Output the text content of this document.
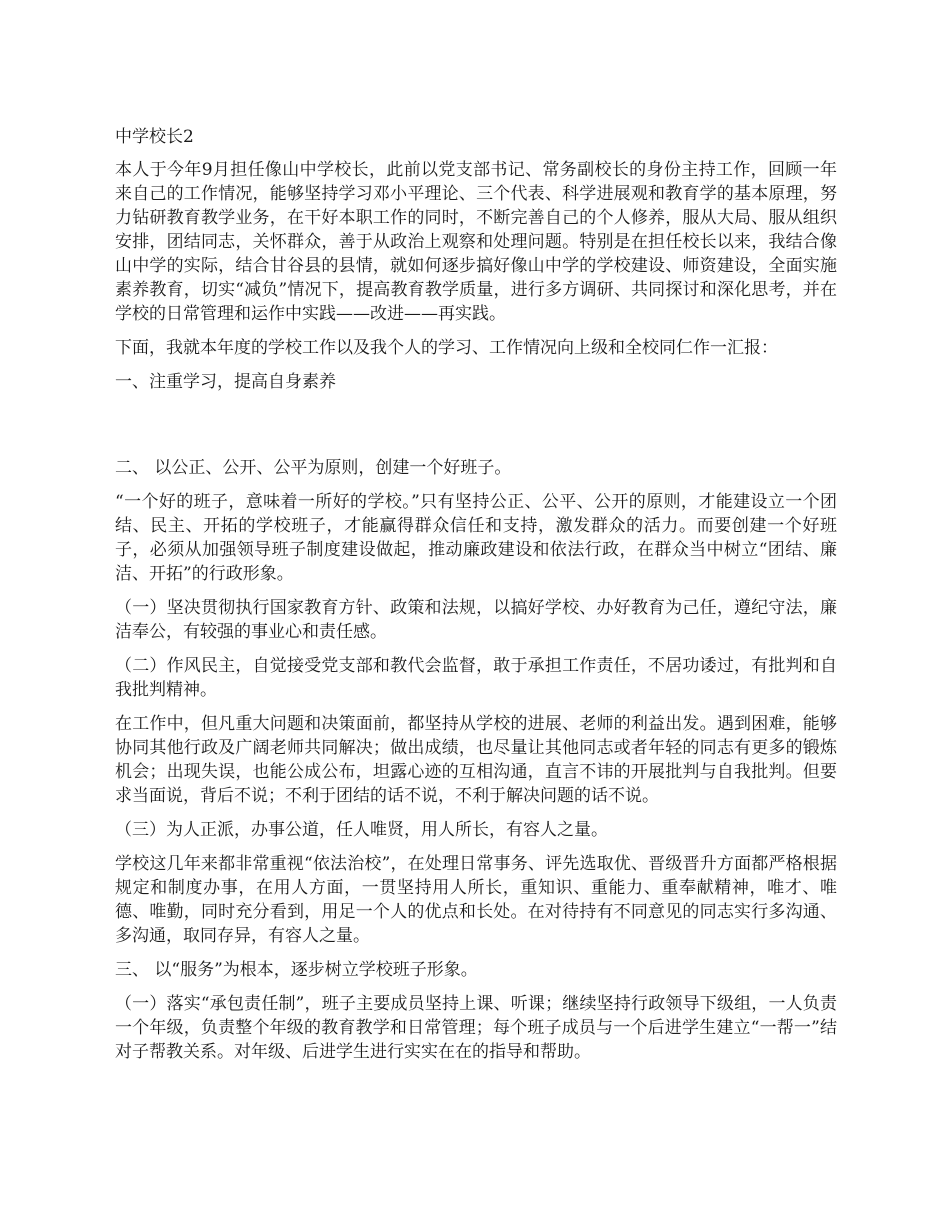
中学校长2

本人于今年9月担任像山中学校长，此前以党支部书记、常务副校长的身份主持工作，回顾一年来自己的工作情况，能够坚持学习邓小平理论、三个代表、科学进展观和教育学的基本原理，努力钻研教育教学业务，在干好本职工作的同时，不断完善自己的个人修养，服从大局、服从组织安排，团结同志，关怀群众，善于从政治上观察和处理问题。特别是在担任校长以来，我结合像山中学的实际，结合甘谷县的县情，就如何逐步搞好像山中学的学校建设、师资建设，全面实施素养教育，切实“减负”情况下，提高教育教学质量，进行多方调研、共同探讨和深化思考，并在学校的日常管理和运作中实践——改进——再实践。

下面，我就本年度的学校工作以及我个人的学习、工作情况向上级和全校同仁作一汇报：

一、注重学习，提高自身素养

二、 以公正、公开、公平为原则，创建一个好班子。

“一个好的班子，意味着一所好的学校。”只有坚持公正、公平、公开的原则，才能建设立一个团结、民主、开拓的学校班子，才能赢得群众信任和支持，激发群众的活力。而要创建一个好班子，必须从加强领导班子制度建设做起，推动廉政建设和依法行政，在群众当中树立“团结、廉洁、开拓”的行政形象。

（一）坚决贯彻执行国家教育方针、政策和法规，以搞好学校、办好教育为己任，遵纪守法，廉洁奉公，有较强的事业心和责任感。

（二）作风民主，自觉接受党支部和教代会监督，敢于承担工作责任，不居功诿过，有批判和自我批判精神。

在工作中，但凡重大问题和决策面前，都坚持从学校的进展、老师的利益出发。遇到困难，能够协同其他行政及广阔老师共同解决；做出成绩，也尽量让其他同志或者年轻的同志有更多的锻炼机会；出现失误，也能公成公布，坦露心迹的互相沟通，直言不讳的开展批判与自我批判。但要求当面说，背后不说；不利于团结的话不说，不利于解决问题的话不说。

（三）为人正派，办事公道，任人唯贤，用人所长，有容人之量。

学校这几年来都非常重视“依法治校”，在处理日常事务、评先选取优、晋级晋升方面都严格根据规定和制度办事，在用人方面，一贯坚持用人所长，重知识、重能力、重奉献精神，唯才、唯德、唯勤，同时充分看到，用足一个人的优点和长处。在对待持有不同意见的同志实行多沟通、多沟通，取同存异，有容人之量。

三、 以“服务”为根本，逐步树立学校班子形象。

（一）落实“承包责任制”，班子主要成员坚持上课、听课；继续坚持行政领导下级组，一人负责一个年级，负责整个年级的教育教学和日常管理；每个班子成员与一个后进学生建立“一帮一”结对子帮教关系。对年级、后进学生进行实实在在的指导和帮助。
